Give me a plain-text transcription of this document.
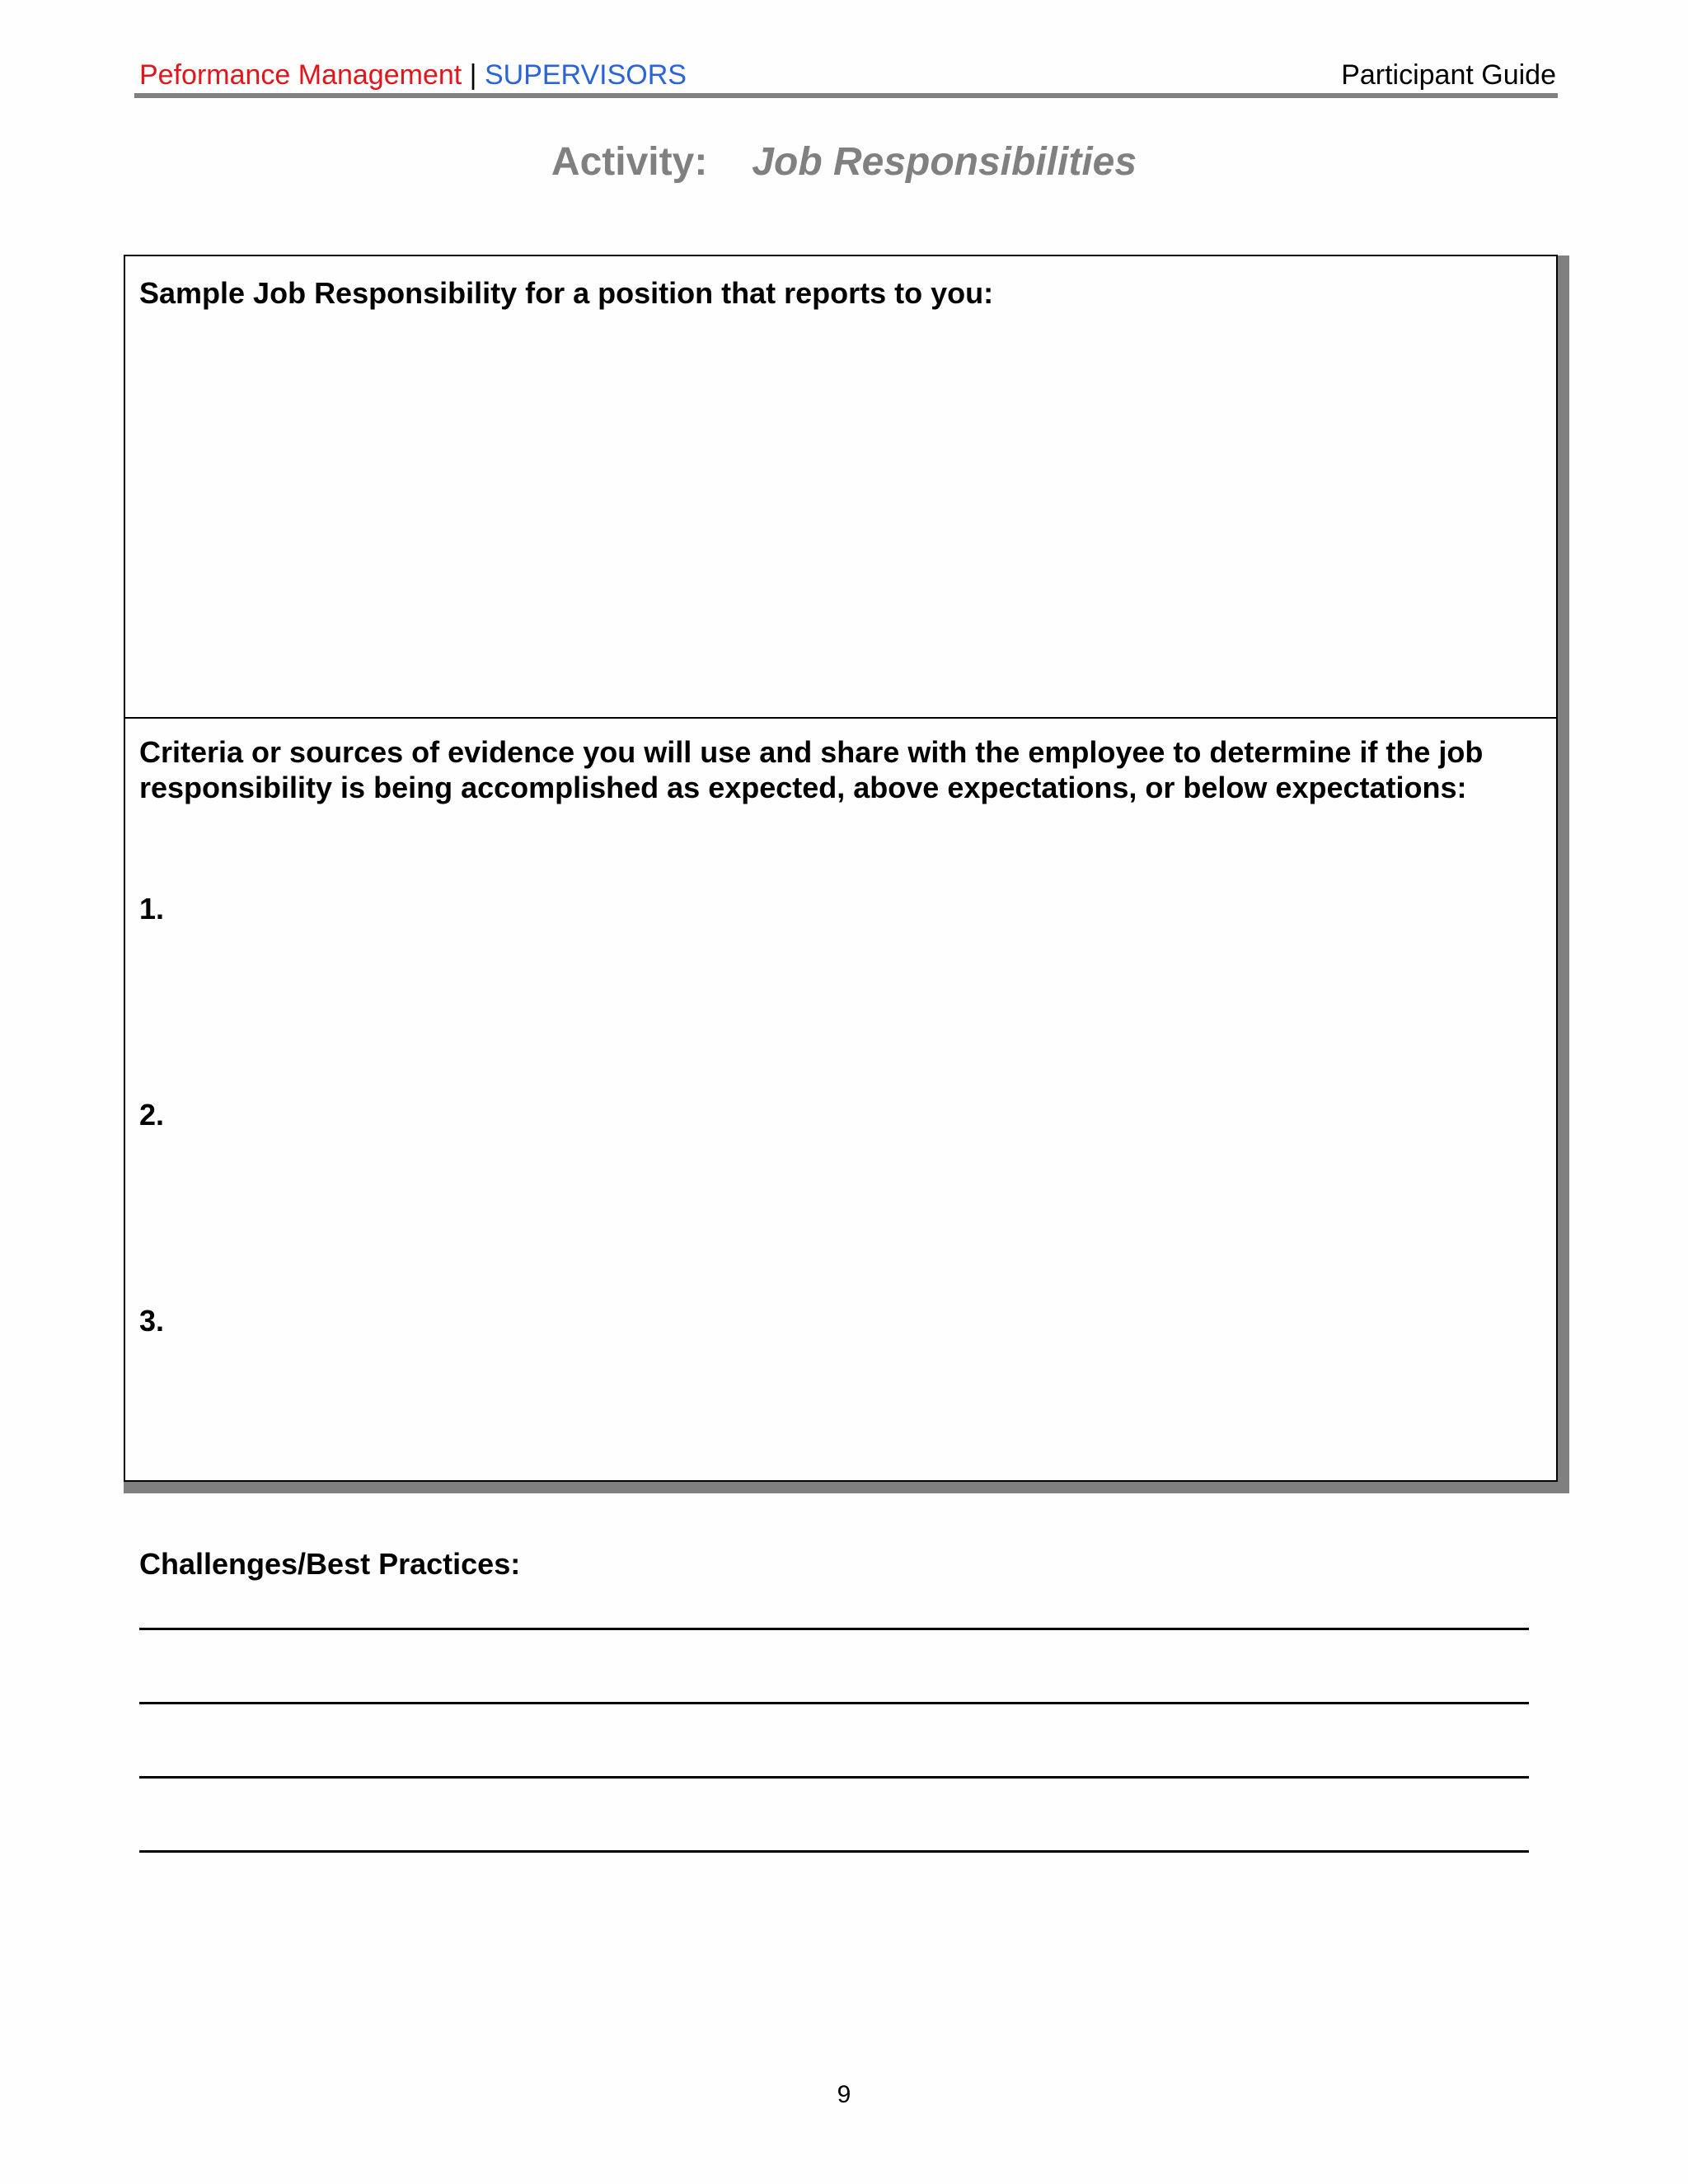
Peformance Management | SUPERVISORS	Participant Guide
Activity: Job Responsibilities
Sample Job Responsibility for a position that reports to you:
Criteria or sources of evidence you will use and share with the employee to determine if the job responsibility is being accomplished as expected, above expectations, or below expectations:
1.
2.
3.
Challenges/Best Practices:
9
